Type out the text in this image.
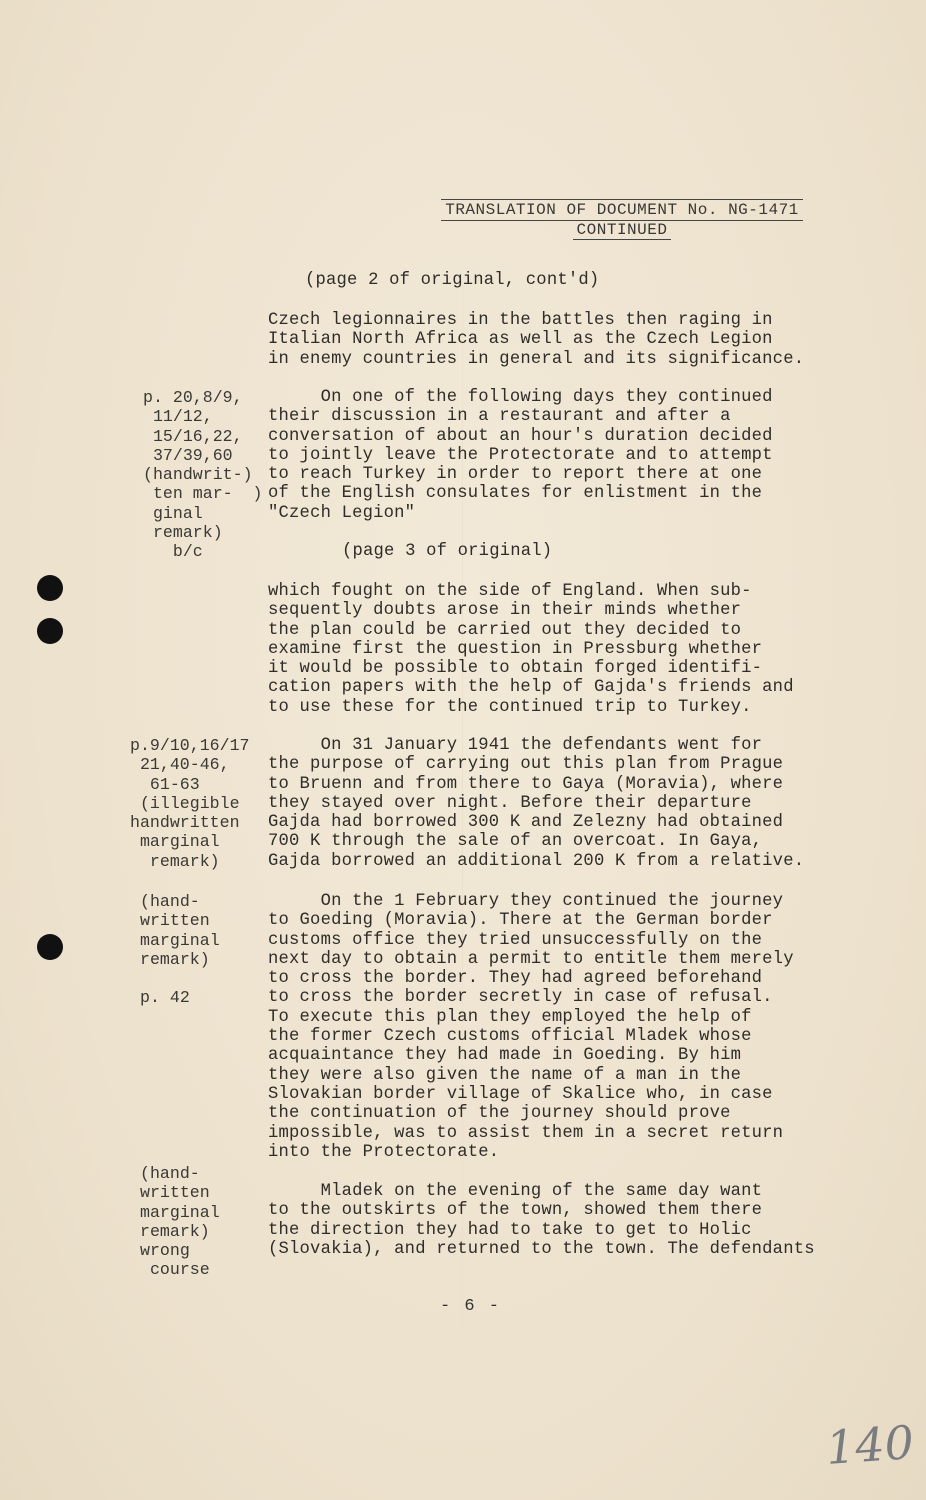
TRANSLATION OF DOCUMENT No. NG-1471
CONTINUED
(page 2 of original, cont'd)
Czech legionnaires in the battles then raging in
Italian North Africa as well as the Czech Legion
in enemy countries in general and its significance.
p. 20,8/9,
11/12,
15/16,22,
37/39,60
(handwrit-)
ten mar-  )
ginal
remark)
b/c
On one of the following days they continued
their discussion in a restaurant and after a
conversation of about an hour's duration decided
to jointly leave the Protectorate and to attempt
to reach Turkey in order to report there at one
of the English consulates for enlistment in the
"Czech Legion"
(page 3 of original)
which fought on the side of England. When sub-
sequently doubts arose in their minds whether
the plan could be carried out they decided to
examine first the question in Pressburg whether
it would be possible to obtain forged identifi-
cation papers with the help of Gajda's friends and
to use these for the continued trip to Turkey.
p.9/10,16/17
21,40-46,
61-63
(illegible
handwritten
marginal
remark)
On 31 January 1941 the defendants went for
the purpose of carrying out this plan from Prague
to Bruenn and from there to Gaya (Moravia), where
they stayed over night. Before their departure
Gajda had borrowed 300 K and Zelezny had obtained
700 K through the sale of an overcoat. In Gaya,
Gajda borrowed an additional 200 K from a relative.
(hand-
written
marginal
remark)

p. 42
On the 1 February they continued the journey
to Goeding (Moravia). There at the German border
customs office they tried unsuccessfully on the
next day to obtain a permit to entitle them merely
to cross the border. They had agreed beforehand
to cross the border secretly in case of refusal.
To execute this plan they employed the help of
the former Czech customs official Mladek whose
acquaintance they had made in Goeding. By him
they were also given the name of a man in the
Slovakian border village of Skalice who, in case
the continuation of the journey should prove
impossible, was to assist them in a secret return
into the Protectorate.
(hand-
written
marginal
remark)
wrong
course
Mladek on the evening of the same day want
to the outskirts of the town, showed them there
the direction they had to take to get to Holic
(Slovakia), and returned to the town. The defendants
- 6 -
140
